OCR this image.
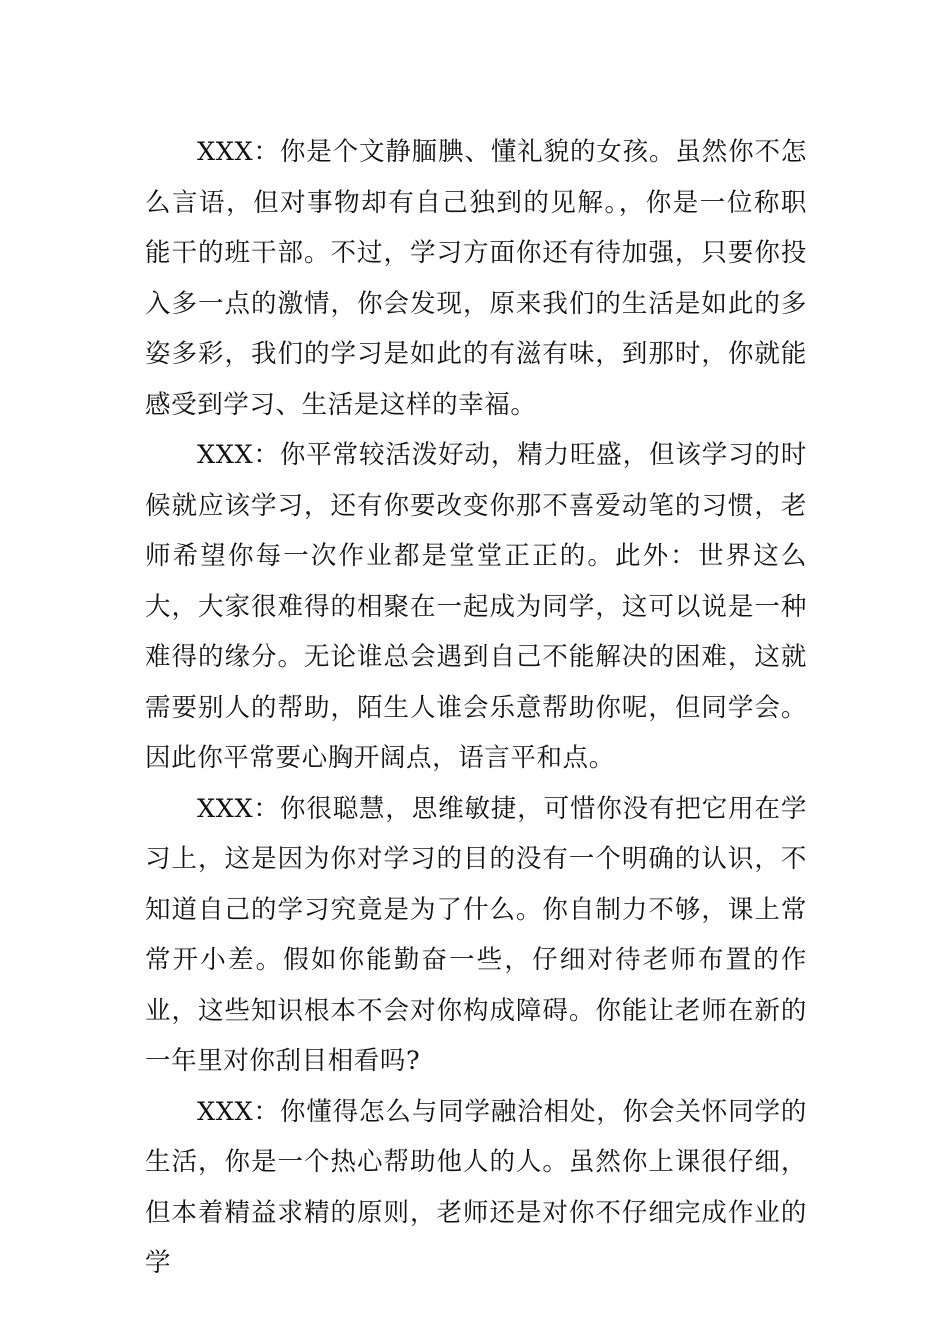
XXX：你是个文静腼腆、懂礼貌的女孩。虽然你不怎么言语，但对事物却有自己独到的见解。，你是一位称职能干的班干部。不过，学习方面你还有待加强，只要你投入多一点的激情，你会发现，原来我们的生活是如此的多姿多彩，我们的学习是如此的有滋有味，到那时，你就能感受到学习、生活是这样的幸福。

XXX：你平常较活泼好动，精力旺盛，但该学习的时候就应该学习，还有你要改变你那不喜爱动笔的习惯，老师希望你每一次作业都是堂堂正正的。此外：世界这么大，大家很难得的相聚在一起成为同学，这可以说是一种难得的缘分。无论谁总会遇到自己不能解决的困难，这就需要别人的帮助，陌生人谁会乐意帮助你呢，但同学会。因此你平常要心胸开阔点，语言平和点。

XXX：你很聪慧，思维敏捷，可惜你没有把它用在学习上，这是因为你对学习的目的没有一个明确的认识，不知道自己的学习究竟是为了什么。你自制力不够，课上常常开小差。假如你能勤奋一些，仔细对待老师布置的作业，这些知识根本不会对你构成障碍。你能让老师在新的一年里对你刮目相看吗?

XXX：你懂得怎么与同学融洽相处，你会关怀同学的生活，你是一个热心帮助他人的人。虽然你上课很仔细，但本着精益求精的原则，老师还是对你不仔细完成作业的学
